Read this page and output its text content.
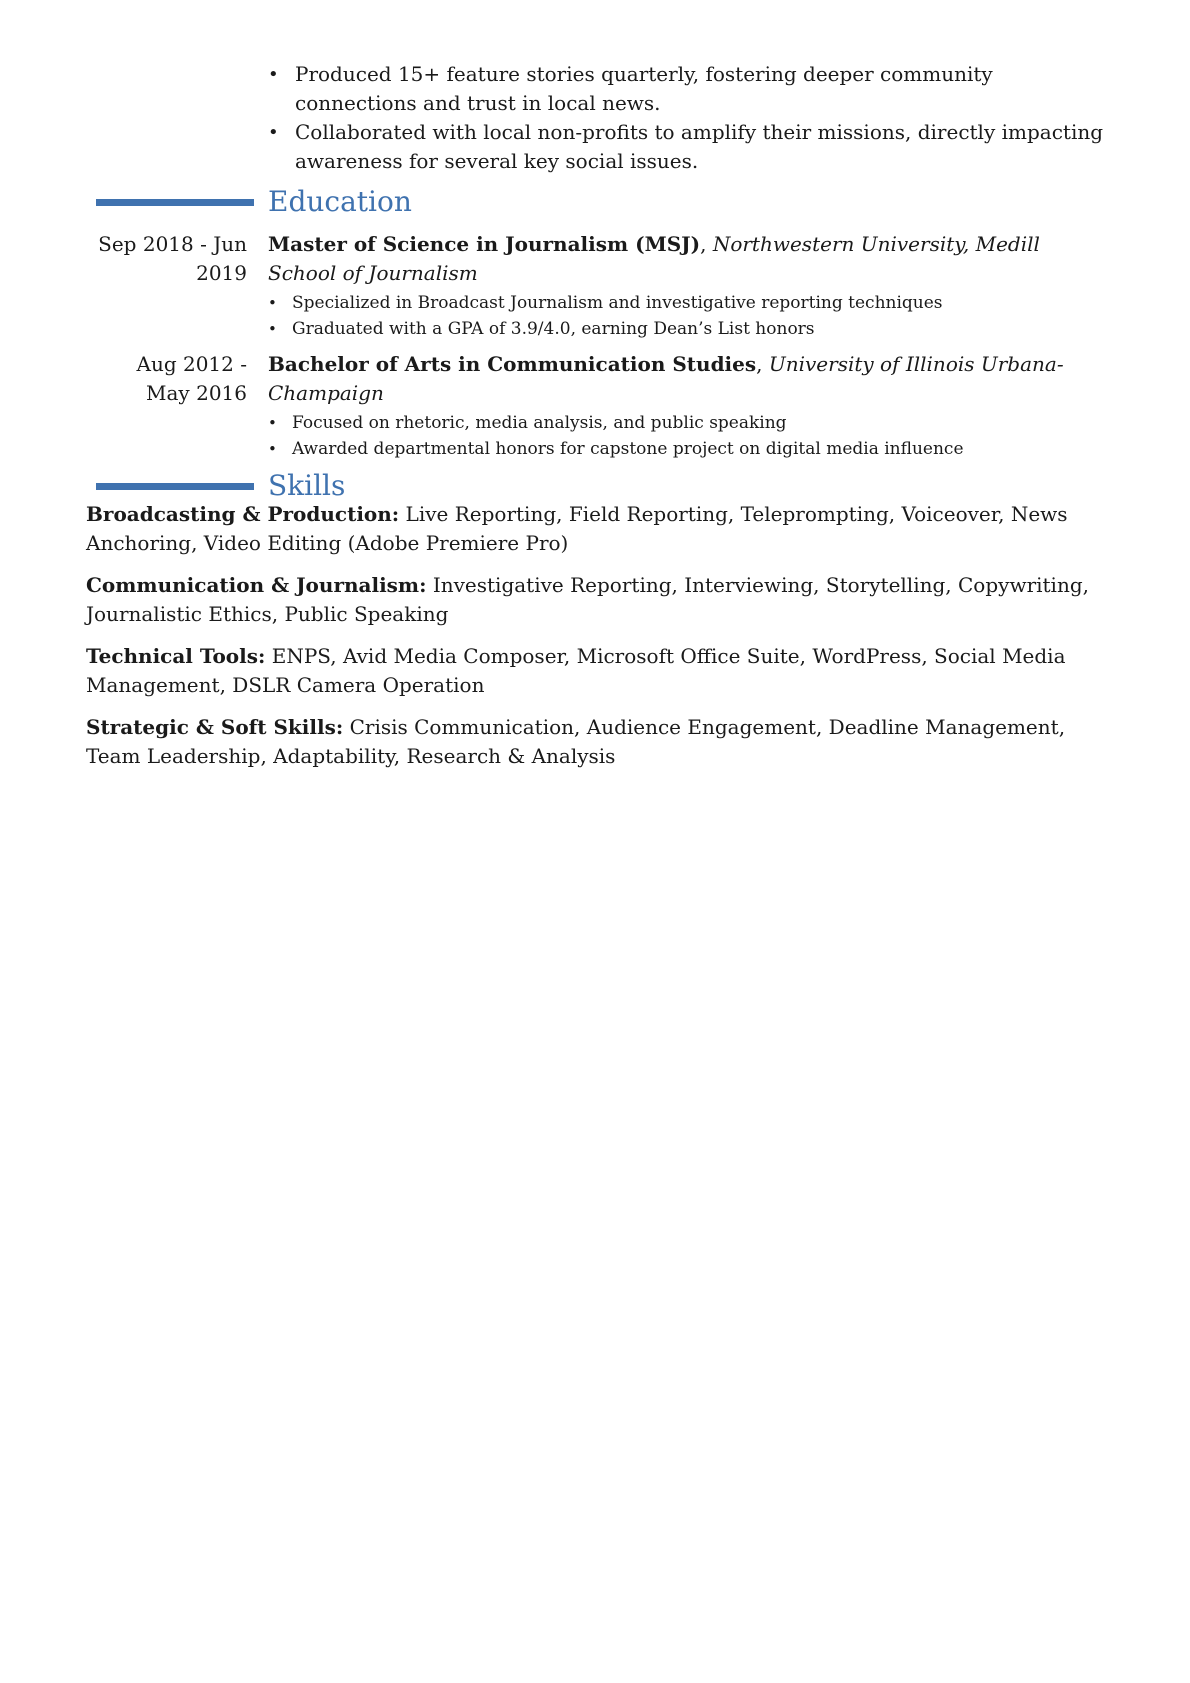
• Produced 15+ feature stories quarterly, fostering deeper community connections and trust in local news.
• Collaborated with local non-profits to amplify their missions, directly impacting awareness for several key social issues.
Education
Sep 2018 - Jun
2019

Master of Science in Journalism (MSJ), Northwestern University, Medill School of Journalism

• Specialized in Broadcast Journalism and investigative reporting techniques
• Graduated with a GPA of 3.9/4.0, earning Dean’s List honors
Aug 2012 -
May 2016

Bachelor of Arts in Communication Studies, University of Illinois Urbana-Champaign

• Focused on rhetoric, media analysis, and public speaking
• Awarded departmental honors for capstone project on digital media influence
Skills

Broadcasting & Production: Live Reporting, Field Reporting, Teleprompting, Voiceover, News Anchoring, Video Editing (Adobe Premiere Pro)

Communication & Journalism: Investigative Reporting, Interviewing, Storytelling, Copywriting, Journalistic Ethics, Public Speaking

Technical Tools: ENPS, Avid Media Composer, Microsoft Office Suite, WordPress, Social Media Management, DSLR Camera Operation

Strategic & Soft Skills: Crisis Communication, Audience Engagement, Deadline Management, Team Leadership, Adaptability, Research & Analysis
